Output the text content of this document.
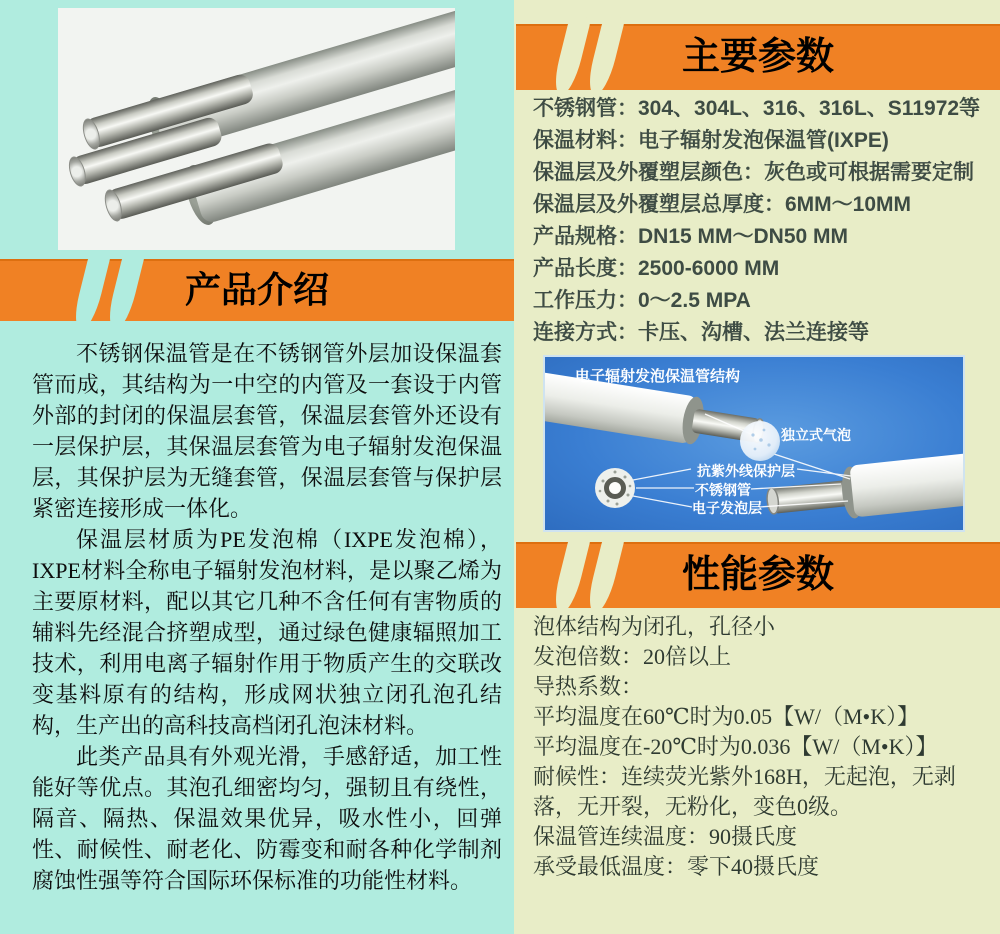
产品介绍

不锈钢保温管是在不锈钢管外层加设保温套管而成，其结构为一中空的内管及一套设于内管外部的封闭的保温层套管，保温层套管外还设有一层保护层，其保温层套管为电子辐射发泡保温层，其保护层为无缝套管，保温层套管与保护层紧密连接形成一体化。

保温层材质为PE发泡棉（IXPE发泡棉），IXPE材料全称电子辐射发泡材料，是以聚乙烯为主要原材料，配以其它几种不含任何有害物质的辅料先经混合挤塑成型，通过绿色健康辐照加工技术，利用电离子辐射作用于物质产生的交联改变基料原有的结构，形成网状独立闭孔泡孔结构，生产出的高科技高档闭孔泡沫材料。

此类产品具有外观光滑，手感舒适，加工性能好等优点。其泡孔细密均匀，强韧且有绕性，隔音、隔热、保温效果优异，吸水性小，回弹性、耐候性、耐老化、防霉变和耐各种化学制剂腐蚀性强等符合国际环保标准的功能性材料。

主要参数
不锈钢管：304、304L、316、316L、S11972等
保温材料：电子辐射发泡保温管(IXPE)
保温层及外覆塑层颜色：灰色或可根据需要定制
保温层及外覆塑层总厚度：6MM～10MM
产品规格：DN15 MM～DN50 MM
产品长度：2500-6000 MM
工作压力：0～2.5 MPA
连接方式：卡压、沟槽、法兰连接等
电子辐射发泡保温管结构
独立式气泡
抗紫外线保护层
不锈钢管
电子发泡层
性能参数
泡体结构为闭孔，孔径小
发泡倍数：20倍以上
导热系数：
平均温度在60℃时为0.05【W/（M•K）】
平均温度在-20℃时为0.036【W/（M•K）】
耐候性：连续荧光紫外168H，无起泡，无剥落，无开裂，无粉化，变色0级。
保温管连续温度：90摄氏度
承受最低温度：零下40摄氏度
